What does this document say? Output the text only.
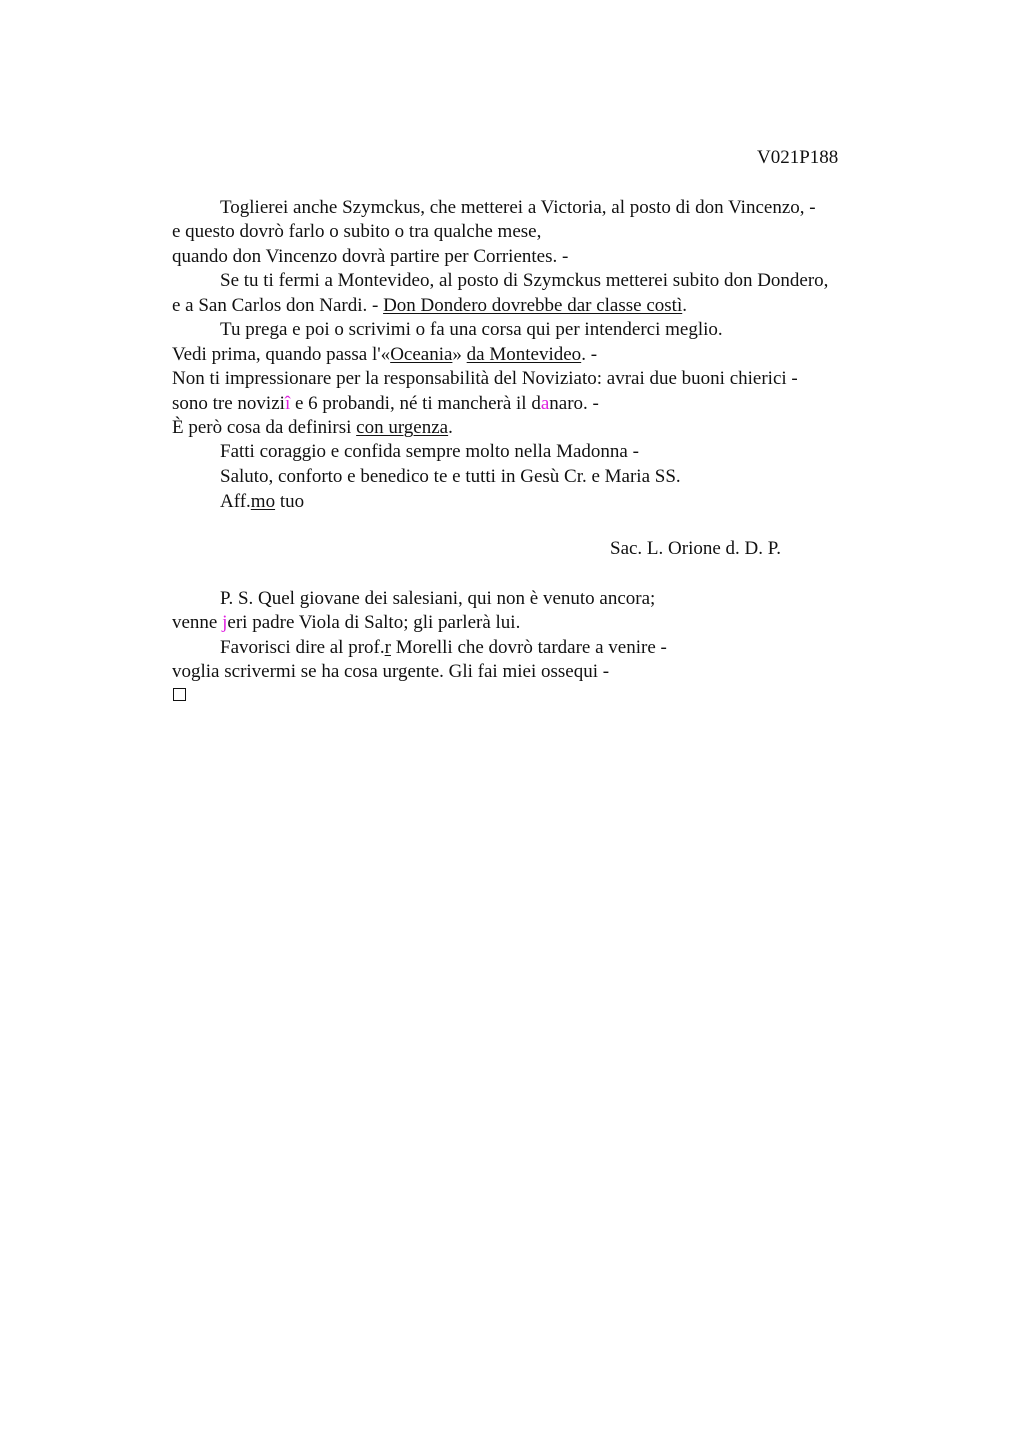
V021P188
Toglierei anche Szymckus, che metterei a Victoria, al posto di don Vincenzo, -
e questo dovrò farlo o subito o tra qualche mese,
quando don Vincenzo dovrà partire per Corrientes. -
Se tu ti fermi a Montevideo, al posto di Szymckus metterei subito don Dondero,
e a San Carlos don Nardi. - Don Dondero dovrebbe dar classe costì.
Tu prega e poi o scrivimi o fa una corsa qui per intenderci meglio.
Vedi prima, quando passa l'«Oceania» da Montevideo. -
Non ti impressionare per la responsabilità del Noviziato: avrai due buoni chierici -
sono tre noviziî e 6 probandi, né ti mancherà il danaro. -
È però cosa da definirsi con urgenza.
Fatti coraggio e confida sempre molto nella Madonna -
Saluto, conforto e benedico te e tutti in Gesù Cr. e Maria SS.
Aff.mo tuo
Sac. L. Orione d. D. P.
P. S. Quel giovane dei salesiani, qui non è venuto ancora;
venne jeri padre Viola di Salto; gli parlerà lui.
Favorisci dire al prof.r Morelli che dovrò tardare a venire -
voglia scrivermi se ha cosa urgente. Gli fai miei ossequi -
